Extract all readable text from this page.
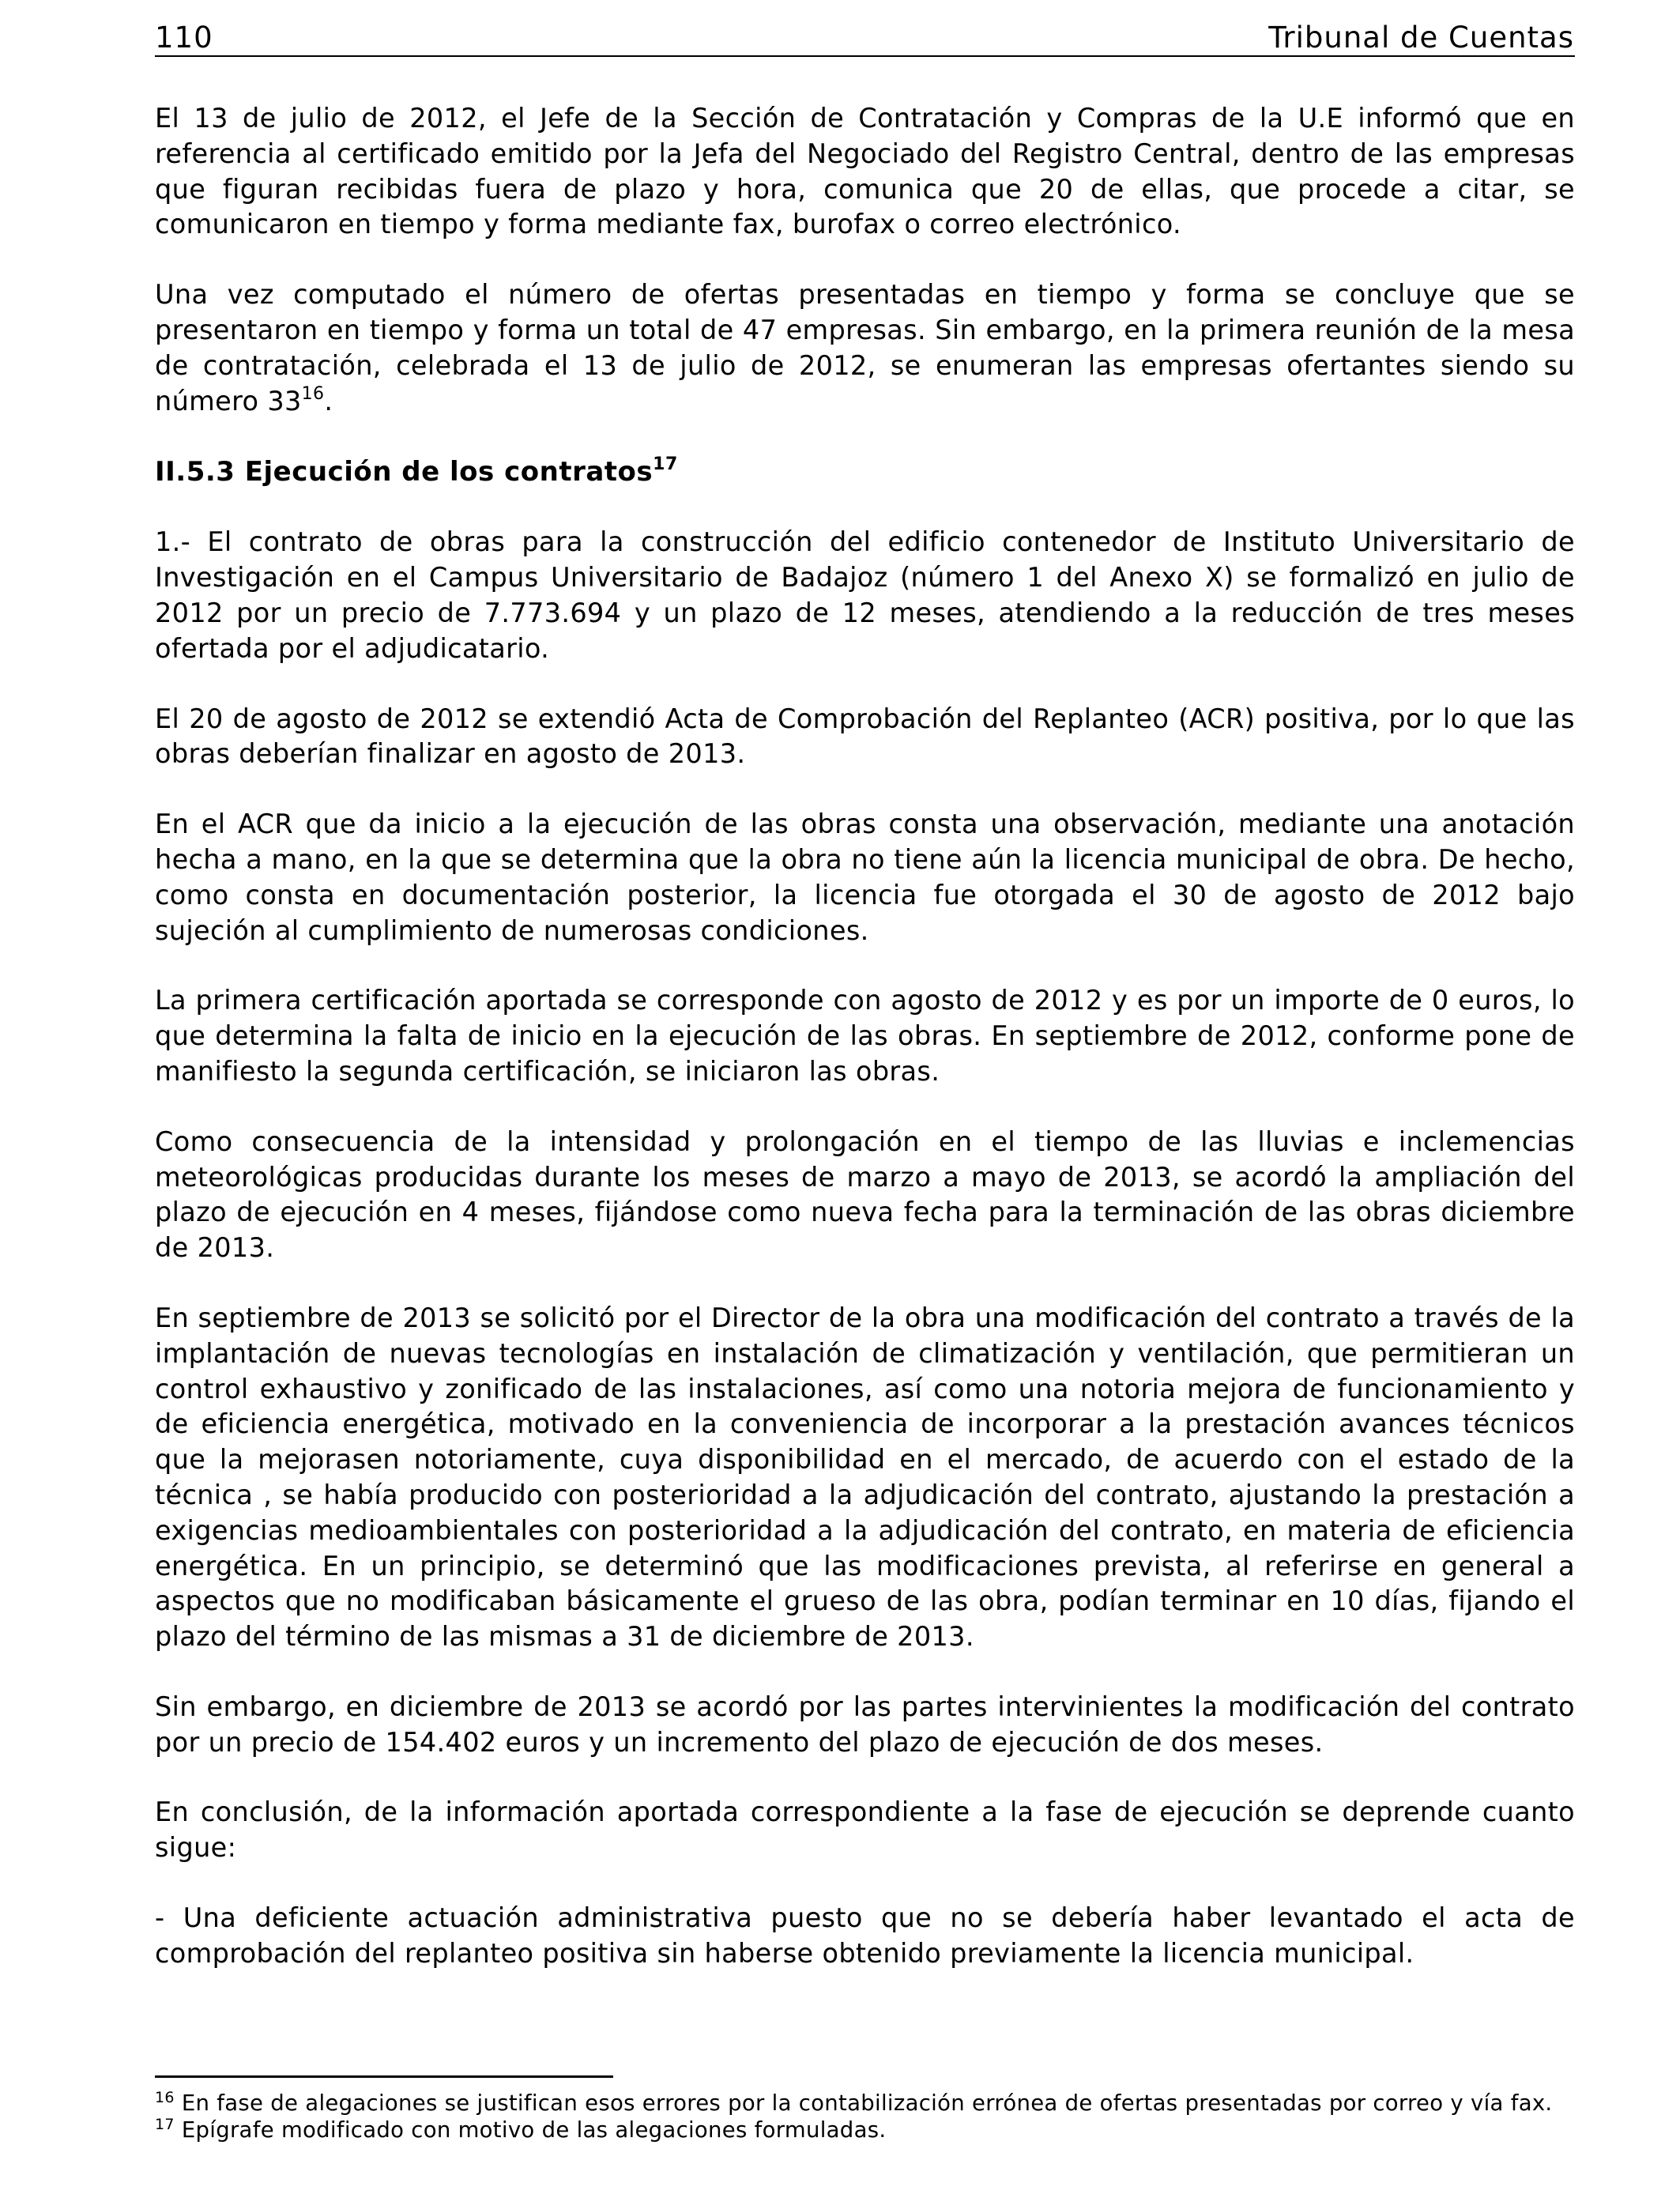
110	Tribunal de Cuentas

El 13 de julio de 2012, el Jefe de la Sección de Contratación y Compras de la U.E informó que en referencia al certificado emitido por la Jefa del Negociado del Registro Central, dentro de las empresas que figuran recibidas fuera de plazo y hora, comunica que 20 de ellas, que procede a citar, se comunicaron en tiempo y forma mediante fax, burofax o correo electrónico.

Una vez computado el número de ofertas presentadas en tiempo y forma se concluye que se presentaron en tiempo y forma un total de 47 empresas. Sin embargo, en la primera reunión de la mesa de contratación, celebrada el 13 de julio de 2012, se enumeran las empresas ofertantes siendo su número $33^{16}$.

II.5.3 Ejecución de los contratos$^{17}$

1.- El contrato de obras para la construcción del edificio contenedor de Instituto Universitario de Investigación en el Campus Universitario de Badajoz (número 1 del Anexo X) se formalizó en julio de 2012 por un precio de 7.773.694 y un plazo de 12 meses, atendiendo a la reducción de tres meses ofertada por el adjudicatario.

El 20 de agosto de 2012 se extendió Acta de Comprobación del Replanteo (ACR) positiva, por lo que las obras deberían finalizar en agosto de 2013.

En el ACR que da inicio a la ejecución de las obras consta una observación, mediante una anotación hecha a mano, en la que se determina que la obra no tiene aún la licencia municipal de obra. De hecho, como consta en documentación posterior, la licencia fue otorgada el 30 de agosto de 2012 bajo sujeción al cumplimiento de numerosas condiciones.

La primera certificación aportada se corresponde con agosto de 2012 y es por un importe de 0 euros, lo que determina la falta de inicio en la ejecución de las obras. En septiembre de 2012, conforme pone de manifiesto la segunda certificación, se iniciaron las obras.

Como consecuencia de la intensidad y prolongación en el tiempo de las lluvias e inclemencias meteorológicas producidas durante los meses de marzo a mayo de 2013, se acordó la ampliación del plazo de ejecución en 4 meses, fijándose como nueva fecha para la terminación de las obras diciembre de 2013.

En septiembre de 2013 se solicitó por el Director de la obra una modificación del contrato a través de la implantación de nuevas tecnologías en instalación de climatización y ventilación, que permitieran un control exhaustivo y zonificado de las instalaciones, así como una notoria mejora de funcionamiento y de eficiencia energética, motivado en la conveniencia de incorporar a la prestación avances técnicos que la mejorasen notoriamente, cuya disponibilidad en el mercado, de acuerdo con el estado de la técnica , se había producido con posterioridad a la adjudicación del contrato, ajustando la prestación a exigencias medioambientales con posterioridad a la adjudicación del contrato, en materia de eficiencia energética. En un principio, se determinó que las modificaciones prevista, al referirse en general a aspectos que no modificaban básicamente el grueso de las obra, podían terminar en 10 días, fijando el plazo del término de las mismas a 31 de diciembre de 2013.

Sin embargo, en diciembre de 2013 se acordó por las partes intervinientes la modificación del contrato por un precio de 154.402 euros y un incremento del plazo de ejecución de dos meses.

En conclusión, de la información aportada correspondiente a la fase de ejecución se deprende cuanto sigue:

- Una deficiente actuación administrativa puesto que no se debería haber levantado el acta de comprobación del replanteo positiva sin haberse obtenido previamente la licencia municipal.

$^{16}$ En fase de alegaciones se justifican esos errores por la contabilización errónea de ofertas presentadas por correo y vía fax.

$^{17}$ Epígrafe modificado con motivo de las alegaciones formuladas.
